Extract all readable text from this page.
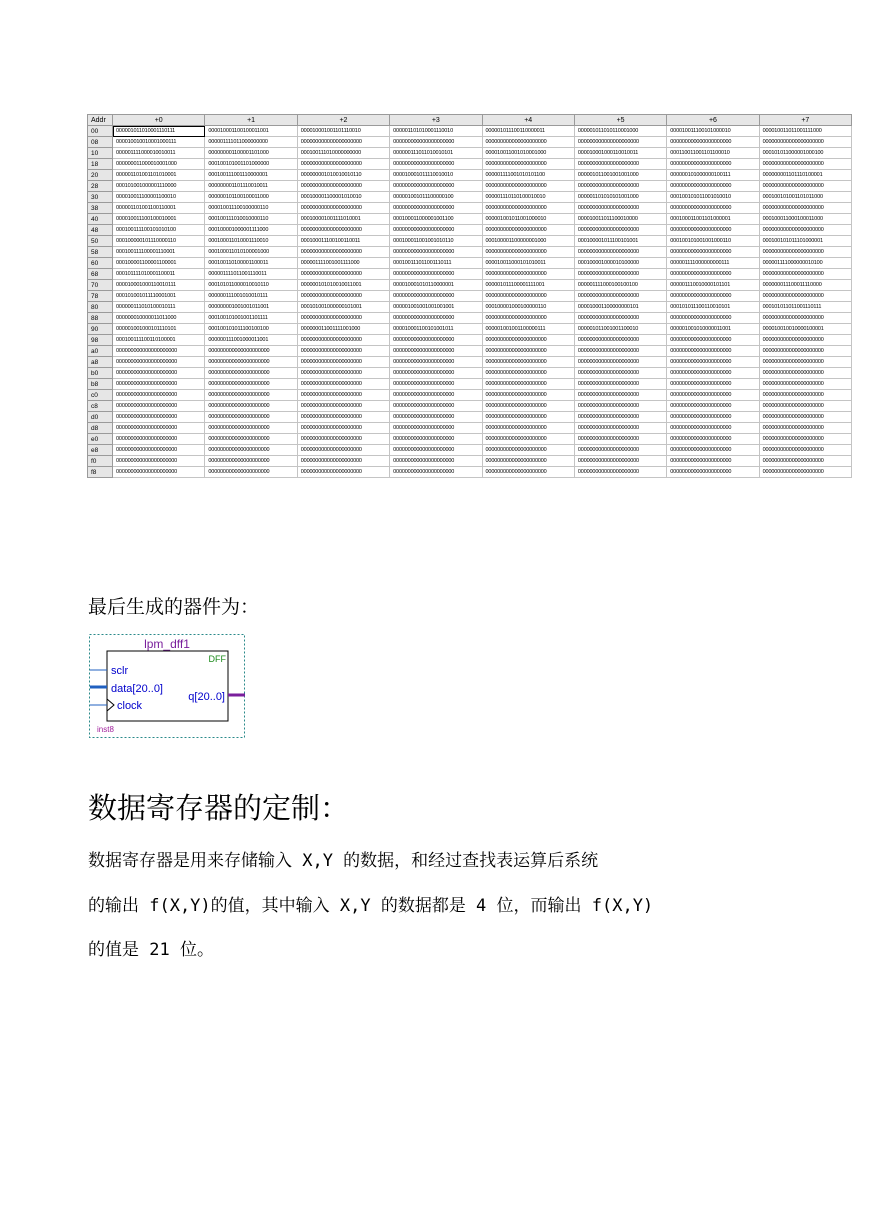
Addr	+0	+1	+2	+3	+4	+5	+6	+7
00	000001011010001110111	000010001100100011001	000010001001101110010	000001101010001110010	000001011100110000011	000001011010110001000	000010011100101000010	000010011011001111000
08	000010010010001000111	000001111011000000000	000000000000000000000	000000000000000000000	000000000000000000000	000000000000000000000	000000000000000000000	000000000000000000000
10	000001111000010010011	000000001100001101000	000100111010000000000	000000111011010010101	000010011001010001000	000010001000110010011	000110011001101100010	000101011000001000100
18	000000011000010001000	000100101001101000000	000000000000000000000	000000000000000000000	000000000000000000000	000000000000000000000	000000000000000000000	000000000000000000000
20	000001101001101010001	000100111001110000001	000000001010010010110	000010001011110010010	000001111001010101100	000001011001001001000	000000101000000100111	000000001101110100001
28	000101001000001110000	000000001101110010011	000000000000000000000	000000000000000000000	000000000000000000000	000000000000000000000	000000000000000000000	000000000000000000000
30	000010011100001100010	000000101100100011000	000100001100001010010	000001001011100000100	000001110110100010010	000001101010101001000	000100101011001010010	000100101001101011000
38	000001101001100110001	000010011100100000110	000000000000000000000	000000000000000000000	000000000000000000000	000000000000000000000	000000000000000000000	000000000000000000000
40	000010011100100010001	000100111010010000110	000100001001111010001	000100011000001001100	000001001011001000010	000010011011100010000	000100011001101000001	000100011000100011000
48	000100111100101010100	000100001000001111000	000000000000000000000	000000000000000000000	000000000000000000000	000000000000000000000	000000000000000000000	000000000000000000000
50	000100000101110000110	000100011010001110010	000100011100100110011	000100011001001010110	000100001100000001000	000100001011100101001	000100101001001000110	000100101011101000001
58	000100111100001110001	000100011010100001000	000000000000000000000	000000000000000000000	000000000000000000000	000000000000000000000	000000000000000000000	000000000000000000000
60	000100001100001100001	000100110100001100011	000001111001001111000	000100111011001110111	000010011000101010011	000100001000010100000	000001111000000000111	000001111000000010100
68	000101111010001100011	000001111011001110011	000000000000000000000	000000000000000000000	000000000000000000000	000000000000000000000	000000000000000000000	000000000000000000000
70	000010001000110010111	000101011000010010110	000000101010010011001	000010001010110000001	000001011100001111001	000001111000100100100	000001110010000101101	000000011100011110000
78	000101001011110001001	000000111001010010111	000000000000000000000	000000000000000000000	000000000000000000000	000000000000000000000	000000000000000000000	000000000000000000000
80	000000111010100010111	000000001001001011001	000101001000000101001	000001001001001001001	000100001000100000110	000010001100000000101	000101011100110010101	000101011011001110111
88	000000010000011011000	000100101001001101111	000000000000000000000	000000000000000000000	000000000000000000000	000000000000000000000	000000000000000000000	000000000000000000000
90	000001001000101110101	000100101011100100100	000000011001111001000	000010001100101001011	000001001001100000111	000001011001001100010	000001001010000011001	000010010010000100001
98	000100111100110100001	000000111001000011001	000000000000000000000	000000000000000000000	000000000000000000000	000000000000000000000	000000000000000000000	000000000000000000000
a0	000000000000000000000	000000000000000000000	000000000000000000000	000000000000000000000	000000000000000000000	000000000000000000000	000000000000000000000	000000000000000000000
a8	000000000000000000000	000000000000000000000	000000000000000000000	000000000000000000000	000000000000000000000	000000000000000000000	000000000000000000000	000000000000000000000
b0	000000000000000000000	000000000000000000000	000000000000000000000	000000000000000000000	000000000000000000000	000000000000000000000	000000000000000000000	000000000000000000000
b8	000000000000000000000	000000000000000000000	000000000000000000000	000000000000000000000	000000000000000000000	000000000000000000000	000000000000000000000	000000000000000000000
c0	000000000000000000000	000000000000000000000	000000000000000000000	000000000000000000000	000000000000000000000	000000000000000000000	000000000000000000000	000000000000000000000
c8	000000000000000000000	000000000000000000000	000000000000000000000	000000000000000000000	000000000000000000000	000000000000000000000	000000000000000000000	000000000000000000000
d0	000000000000000000000	000000000000000000000	000000000000000000000	000000000000000000000	000000000000000000000	000000000000000000000	000000000000000000000	000000000000000000000
d8	000000000000000000000	000000000000000000000	000000000000000000000	000000000000000000000	000000000000000000000	000000000000000000000	000000000000000000000	000000000000000000000
e0	000000000000000000000	000000000000000000000	000000000000000000000	000000000000000000000	000000000000000000000	000000000000000000000	000000000000000000000	000000000000000000000
e8	000000000000000000000	000000000000000000000	000000000000000000000	000000000000000000000	000000000000000000000	000000000000000000000	000000000000000000000	000000000000000000000
f0	000000000000000000000	000000000000000000000	000000000000000000000	000000000000000000000	000000000000000000000	000000000000000000000	000000000000000000000	000000000000000000000
f8	000000000000000000000	000000000000000000000	000000000000000000000	000000000000000000000	000000000000000000000	000000000000000000000	000000000000000000000	000000000000000000000

最后生成的器件为：

lpm_dff1
DFF
sclr
data[20..0]
clock
q[20..0]
inst8
数据寄存器的定制：

数据寄存器是用来存储输入 X,Y 的数据，和经过查找表运算后系统

的输出 f(X,Y)的值，其中输入 X,Y 的数据都是 4 位，而输出 f(X,Y)

的值是 21 位。
